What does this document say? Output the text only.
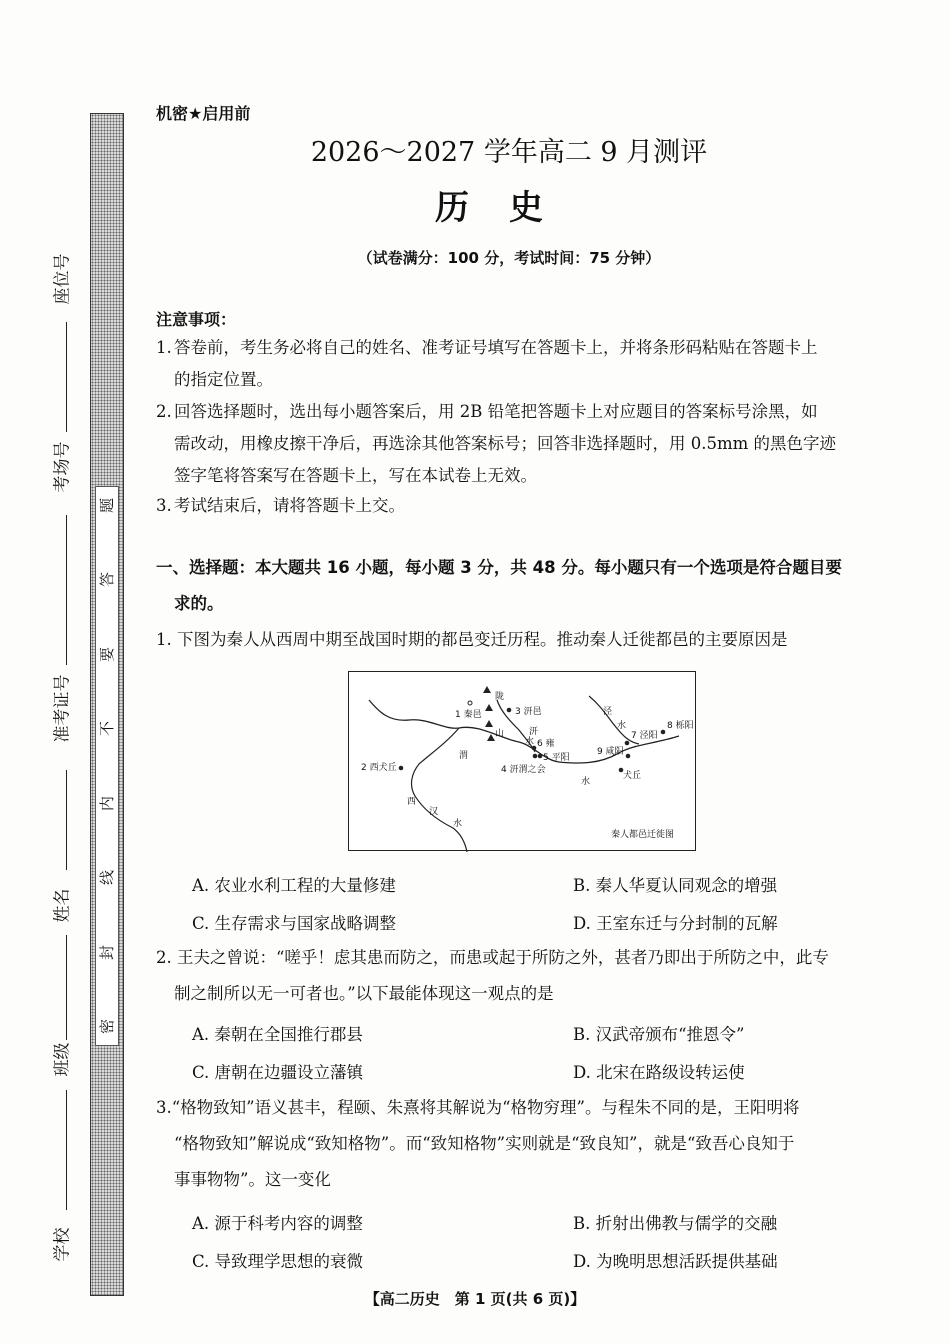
座位号
考场号
准考证号
姓名
班级
学校
题
答
要
不
内
线
封
密
机密★启用前
2026～2027 学年高二 9 月测评
历史
（试卷满分：100 分，考试时间：75 分钟）
注意事项：
1. 答卷前，考生务必将自己的姓名、准考证号填写在答题卡上，并将条形码粘贴在答题卡上
的指定位置。
2. 回答选择题时，选出每小题答案后，用 2B 铅笔把答题卡上对应题目的答案标号涂黑，如
需改动，用橡皮擦干净后，再选涂其他答案标号；回答非选择题时，用 0.5mm 的黑色字迹
签字笔将答案写在答题卡上，写在本试卷上无效。
3. 考试结束后，请将答题卡上交。
一、选择题：本大题共 16 小题，每小题 3 分，共 48 分。每小题只有一个选项是符合题目要
求的。
1. 下图为秦人从西周中期至战国时期的都邑变迁历程。推动秦人迁徙都邑的主要原因是
陇
山
1 秦邑	3 汧邑
汧
水 6 雍
5 平阳
4 汧渭之会
渭
水
2 西犬丘
西
汉
水
泾
水
7 泾阳
8 栎阳
9 咸阳
犬丘
秦人都邑迁徙图
A. 农业水利工程的大量修建	B. 秦人华夏认同观念的增强
C. 生存需求与国家战略调整	D. 王室东迁与分封制的瓦解
2. 王夫之曾说：“嗟乎！虑其患而防之，而患或起于所防之外，甚者乃即出于所防之中，此专
制之制所以无一可者也。”以下最能体现这一观点的是
A. 秦朝在全国推行郡县	B. 汉武帝颁布“推恩令”
C. 唐朝在边疆设立藩镇	D. 北宋在路级设转运使
3.“格物致知”语义甚丰，程颐、朱熹将其解说为“格物穷理”。与程朱不同的是，王阳明将
“格物致知”解说成“致知格物”。而“致知格物”实则就是“致良知”，就是“致吾心良知于
事事物物”。这一变化
A. 源于科考内容的调整	B. 折射出佛教与儒学的交融
C. 导致理学思想的衰微	D. 为晚明思想活跃提供基础
【高二历史　第 1 页(共 6 页)】
